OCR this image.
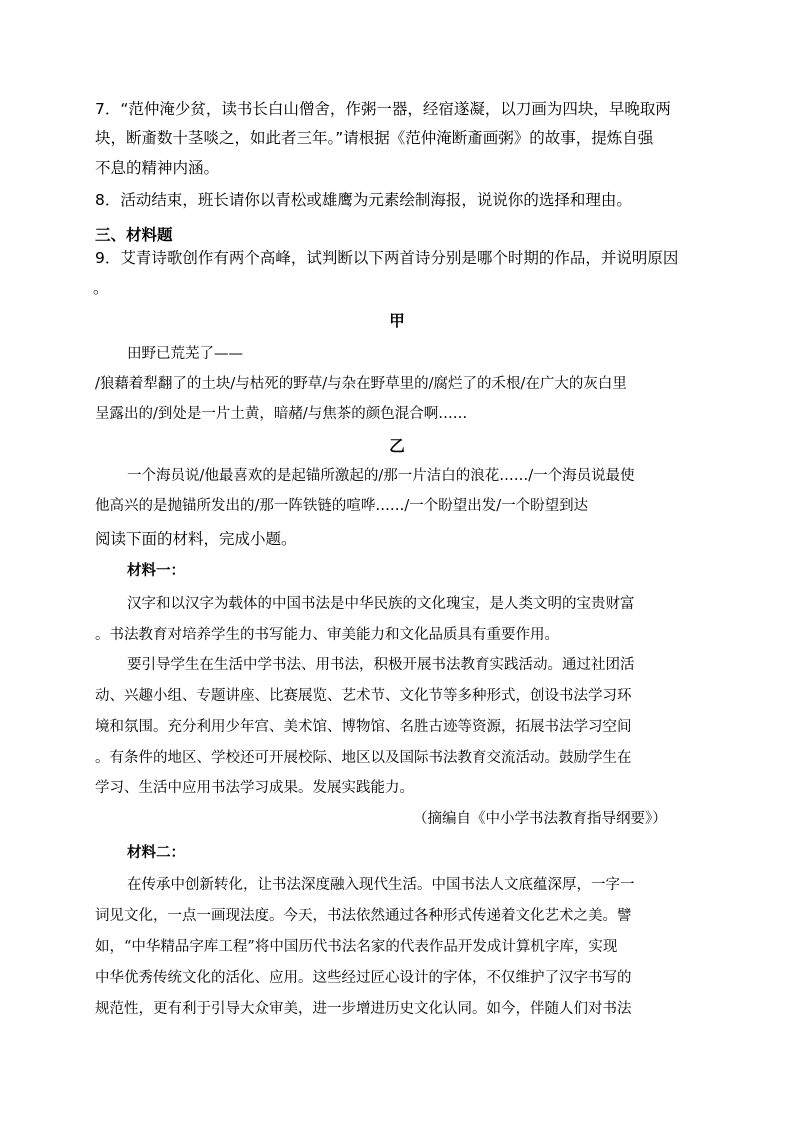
7．“范仲淹少贫，读书长白山僧舍，作粥一器，经宿遂凝，以刀画为四块，早晚取两
块，断齑数十茎啖之，如此者三年。”请根据《范仲淹断齑画粥》的故事，提炼自强
不息的精神内涵。
8．活动结束，班长请你以青松或雄鹰为元素绘制海报，说说你的选择和理由。
三、材料题
9．艾青诗歌创作有两个高峰，试判断以下两首诗分别是哪个时期的作品，并说明原因
。
甲
田野已荒芜了——
/狼藉着犁翻了的土块/与枯死的野草/与杂在野草里的/腐烂了的禾根/在广大的灰白里
呈露出的/到处是一片土黄，暗赭/与焦茶的颜色混合啊……
乙
一个海员说/他最喜欢的是起锚所激起的/那一片洁白的浪花……/一个海员说最使
他高兴的是抛锚所发出的/那一阵铁链的喧哗……/一个盼望出发/一个盼望到达
阅读下面的材料，完成小题。
材料一：
汉字和以汉字为载体的中国书法是中华民族的文化瑰宝，是人类文明的宝贵财富
。书法教育对培养学生的书写能力、审美能力和文化品质具有重要作用。
要引导学生在生活中学书法、用书法，积极开展书法教育实践活动。通过社团活
动、兴趣小组、专题讲座、比赛展览、艺术节、文化节等多种形式，创设书法学习环
境和氛围。充分利用少年宫、美术馆、博物馆、名胜古迹等资源，拓展书法学习空间
。有条件的地区、学校还可开展校际、地区以及国际书法教育交流活动。鼓励学生在
学习、生活中应用书法学习成果。发展实践能力。
（摘编自《中小学书法教育指导纲要》）
材料二：
在传承中创新转化，让书法深度融入现代生活。中国书法人文底蕴深厚，一字一
词见文化，一点一画现法度。今天，书法依然通过各种形式传递着文化艺术之美。譬
如，“中华精品字库工程”将中国历代书法名家的代表作品开发成计算机字库，实现
中华优秀传统文化的活化、应用。这些经过匠心设计的字体，不仅维护了汉字书写的
规范性，更有利于引导大众审美，进一步增进历史文化认同。如今，伴随人们对书法
